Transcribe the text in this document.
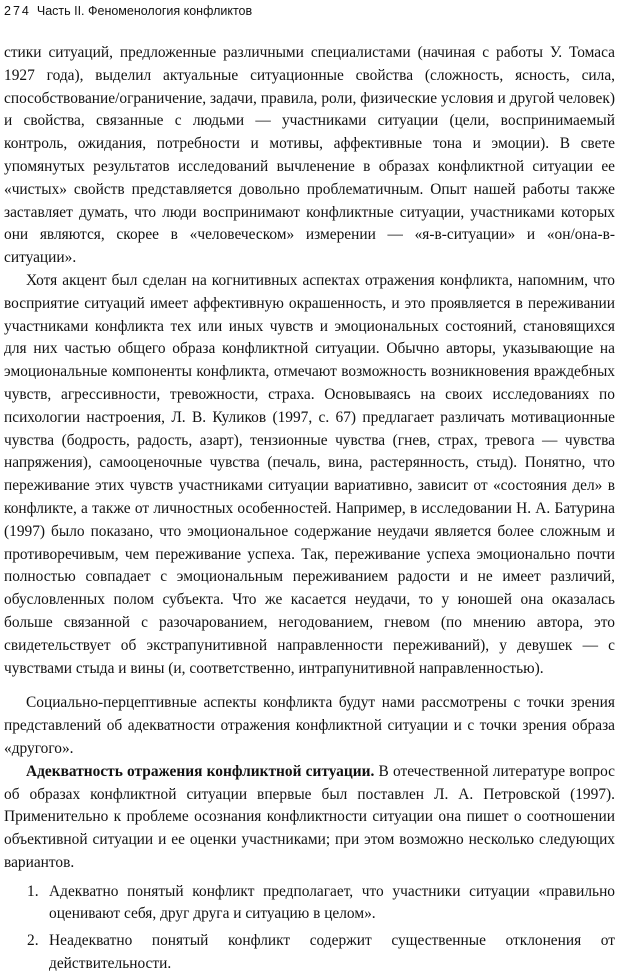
274 Часть II. Феноменология конфликтов

стики ситуаций, предложенные различными специалистами (начиная с работы У. Томаса 1927 года), выделил актуальные ситуационные свойства (сложность, ясность, сила, способствование/ограничение, задачи, правила, роли, физические условия и другой человек) и свойства, связанные с людьми — участниками ситуации (цели, воспринимаемый контроль, ожидания, потребности и мотивы, аффективные тона и эмоции). В свете упомянутых результатов исследований вычленение в образах конфликтной ситуации ее «чистых» свойств представляется довольно проблематичным. Опыт нашей работы также заставляет думать, что люди воспринимают конфликтные ситуации, участниками которых они являются, скорее в «человеческом» измерении — «я-в-ситуации» и «он/она-в-ситуации».

Хотя акцент был сделан на когнитивных аспектах отражения конфликта, напомним, что восприятие ситуаций имеет аффективную окрашенность, и это проявляется в переживании участниками конфликта тех или иных чувств и эмоциональных состояний, становящихся для них частью общего образа конфликтной ситуации. Обычно авторы, указывающие на эмоциональные компоненты конфликта, отмечают возможность возникновения враждебных чувств, агрессивности, тревожности, страха. Основываясь на своих исследованиях по психологии настроения, Л. В. Куликов (1997, с. 67) предлагает различать мотивационные чувства (бодрость, радость, азарт), тензионные чувства (гнев, страх, тревога — чувства напряжения), самооценочные чувства (печаль, вина, растерянность, стыд). Понятно, что переживание этих чувств участниками ситуации вариативно, зависит от «состояния дел» в конфликте, а также от личностных особенностей. Например, в исследовании Н. А. Батурина (1997) было показано, что эмоциональное содержание неудачи является более сложным и противоречивым, чем переживание успеха. Так, переживание успеха эмоционально почти полностью совпадает с эмоциональным переживанием радости и не имеет различий, обусловленных полом субъекта. Что же касается неудачи, то у юношей она оказалась больше связанной с разочарованием, негодованием, гневом (по мнению автора, это свидетельствует об экстрапунитивной направленности переживаний), у девушек — с чувствами стыда и вины (и, соответственно, интрапунитивной направленностью).

Социально-перцептивные аспекты конфликта будут нами рассмотрены с точки зрения представлений об адекватности отражения конфликтной ситуации и с точки зрения образа «другого».

Адекватность отражения конфликтной ситуации. В отечественной литературе вопрос об образах конфликтной ситуации впервые был поставлен Л. А. Петровской (1997). Применительно к проблеме осознания конфликтности ситуации она пишет о соотношении объективной ситуации и ее оценки участниками; при этом возможно несколько следующих вариантов.

1. Адекватно понятый конфликт предполагает, что участники ситуации «правильно оценивают себя, друг друга и ситуацию в целом».
2. Неадекватно понятый конфликт содержит существенные отклонения от действительности.
